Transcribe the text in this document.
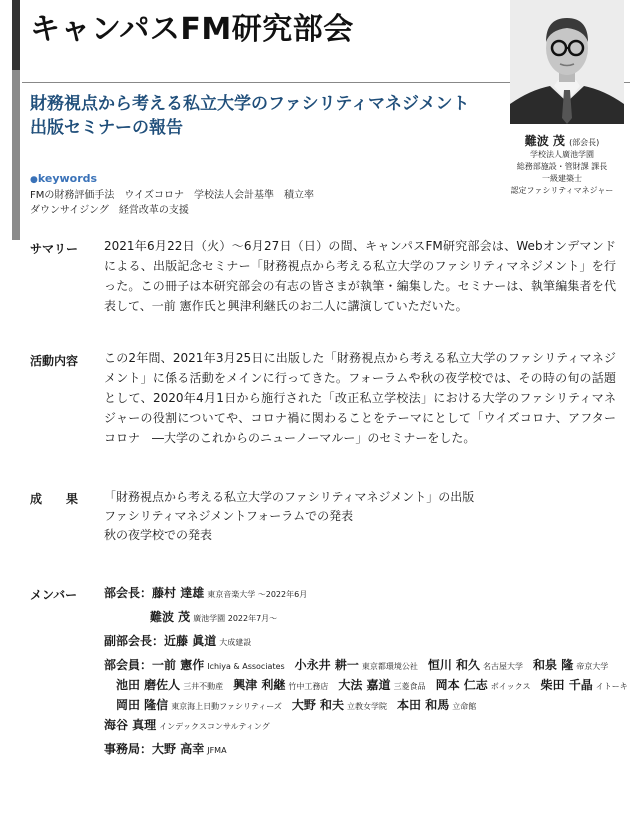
キャンパスFM研究部会
財務視点から考える私立大学のファシリティマネジメント
出版セミナーの報告
難波 茂 (部会長)
学校法人廣池学園
総務部施設・管財課 課長
一級建築士
認定ファシリティマネジャー
●keywords
FMの財務評価手法　ウイズコロナ　学校法人会計基準　積立率
ダウンサイジング　経営改革の支援
サマリー 2021年6月22日（火）～6月27日（日）の間、キャンパスFM研究部会は、Webオンデマンドによる、出版記念セミナー「財務視点から考える私立大学のファシリティマネジメント」を行った。この冊子は本研究部会の有志の皆さまが執筆・編集した。セミナーは、執筆編集者を代表して、一前 憲作氏と興津利継氏のお二人に講演していただいた。
活動内容 この2年間、2021年3月25日に出版した「財務視点から考える私立大学のファシリティマネジメント」に係る活動をメインに行ってきた。フォーラムや秋の夜学校では、その時の旬の話題として、2020年4月1日から施行された「改正私立学校法」における大学のファシリティマネジャーの役割についてや、コロナ禍に関わることをテーマにとして「ウイズコロナ、アフターコロナ　―大学のこれからのニューノーマルー」のセミナーをした。
成　　果 「財務視点から考える私立大学のファシリティマネジメント」の出版
ファシリティマネジメントフォーラムでの発表
秋の夜学校での発表
メンバー 部会長：藤村 達雄 東京音楽大学 ～2022年6月
難波 茂 廣池学園 2022年7月～
副部会長：近藤 眞道 大成建設
部会員：一前 憲作 Ichiya & Associates 小永井 耕一 東京都環境公社 恒川 和久 名古屋大学 和泉 隆 帝京大学
池田 磨佐人 三井不動産 興津 利継 竹中工務店 大法 嘉道 三菱食品 岡本 仁志 ボイックス 柴田 千晶 イトーキ
岡田 隆信 東京海上日動ファシリティーズ 大野 和夫 立教女学院 本田 和馬 立命館
海谷 真理 インデックスコンサルティング
事務局：大野 高幸 JFMA
